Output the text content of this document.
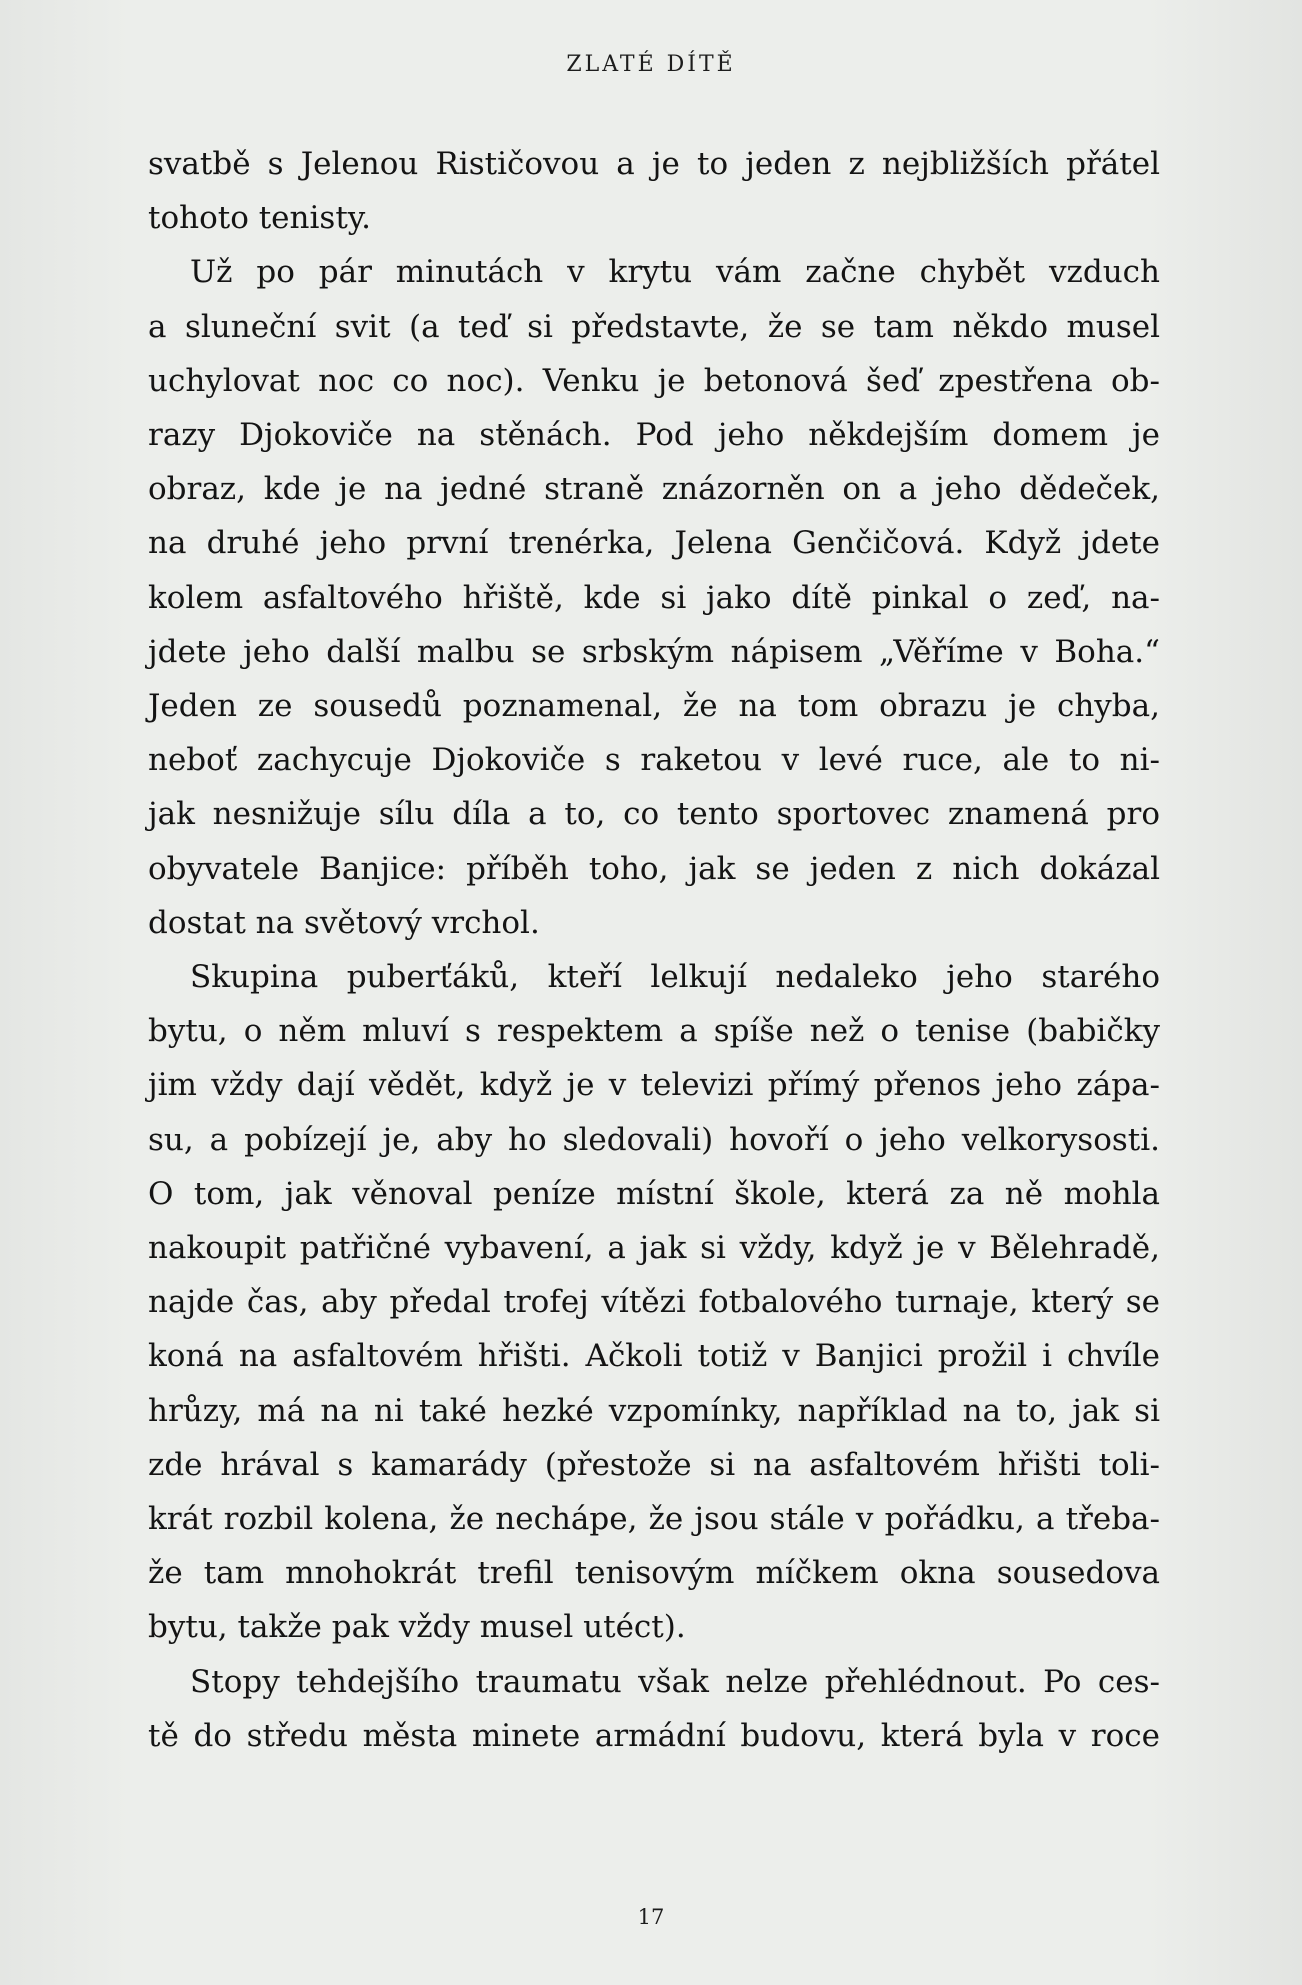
ZLATÉ DÍTĚ
svatbě s Jelenou Rističovou a je to jeden z nejbližších přátel
tohoto tenisty.
Už po pár minutách v krytu vám začne chybět vzduch
a sluneční svit (a teď si představte, že se tam někdo musel
uchylovat noc co noc). Venku je betonová šeď zpestřena ob-
razy Djokoviče na stěnách. Pod jeho někdejším domem je
obraz, kde je na jedné straně znázorněn on a jeho dědeček,
na druhé jeho první trenérka, Jelena Genčičová. Když jdete
kolem asfaltového hřiště, kde si jako dítě pinkal o zeď, na-
jdete jeho další malbu se srbským nápisem „Věříme v Boha.“
Jeden ze sousedů poznamenal, že na tom obrazu je chyba,
neboť zachycuje Djokoviče s raketou v levé ruce, ale to ni-
jak nesnižuje sílu díla a to, co tento sportovec znamená pro
obyvatele Banjice: příběh toho, jak se jeden z nich dokázal
dostat na světový vrchol.
Skupina puberťáků, kteří lelkují nedaleko jeho starého
bytu, o něm mluví s respektem a spíše než o tenise (babičky
jim vždy dají vědět, když je v televizi přímý přenos jeho zápa-
su, a pobízejí je, aby ho sledovali) hovoří o jeho velkorysosti.
O tom, jak věnoval peníze místní škole, která za ně mohla
nakoupit patřičné vybavení, a jak si vždy, když je v Bělehradě,
najde čas, aby předal trofej vítězi fotbalového turnaje, který se
koná na asfaltovém hřišti. Ačkoli totiž v Banjici prožil i chvíle
hrůzy, má na ni také hezké vzpomínky, například na to, jak si
zde hrával s kamarády (přestože si na asfaltovém hřišti toli-
krát rozbil kolena, že nechápe, že jsou stále v pořádku, a třeba-
že tam mnohokrát trefil tenisovým míčkem okna sousedova
bytu, takže pak vždy musel utéct).
Stopy tehdejšího traumatu však nelze přehlédnout. Po ces-
tě do středu města minete armádní budovu, která byla v roce
17
